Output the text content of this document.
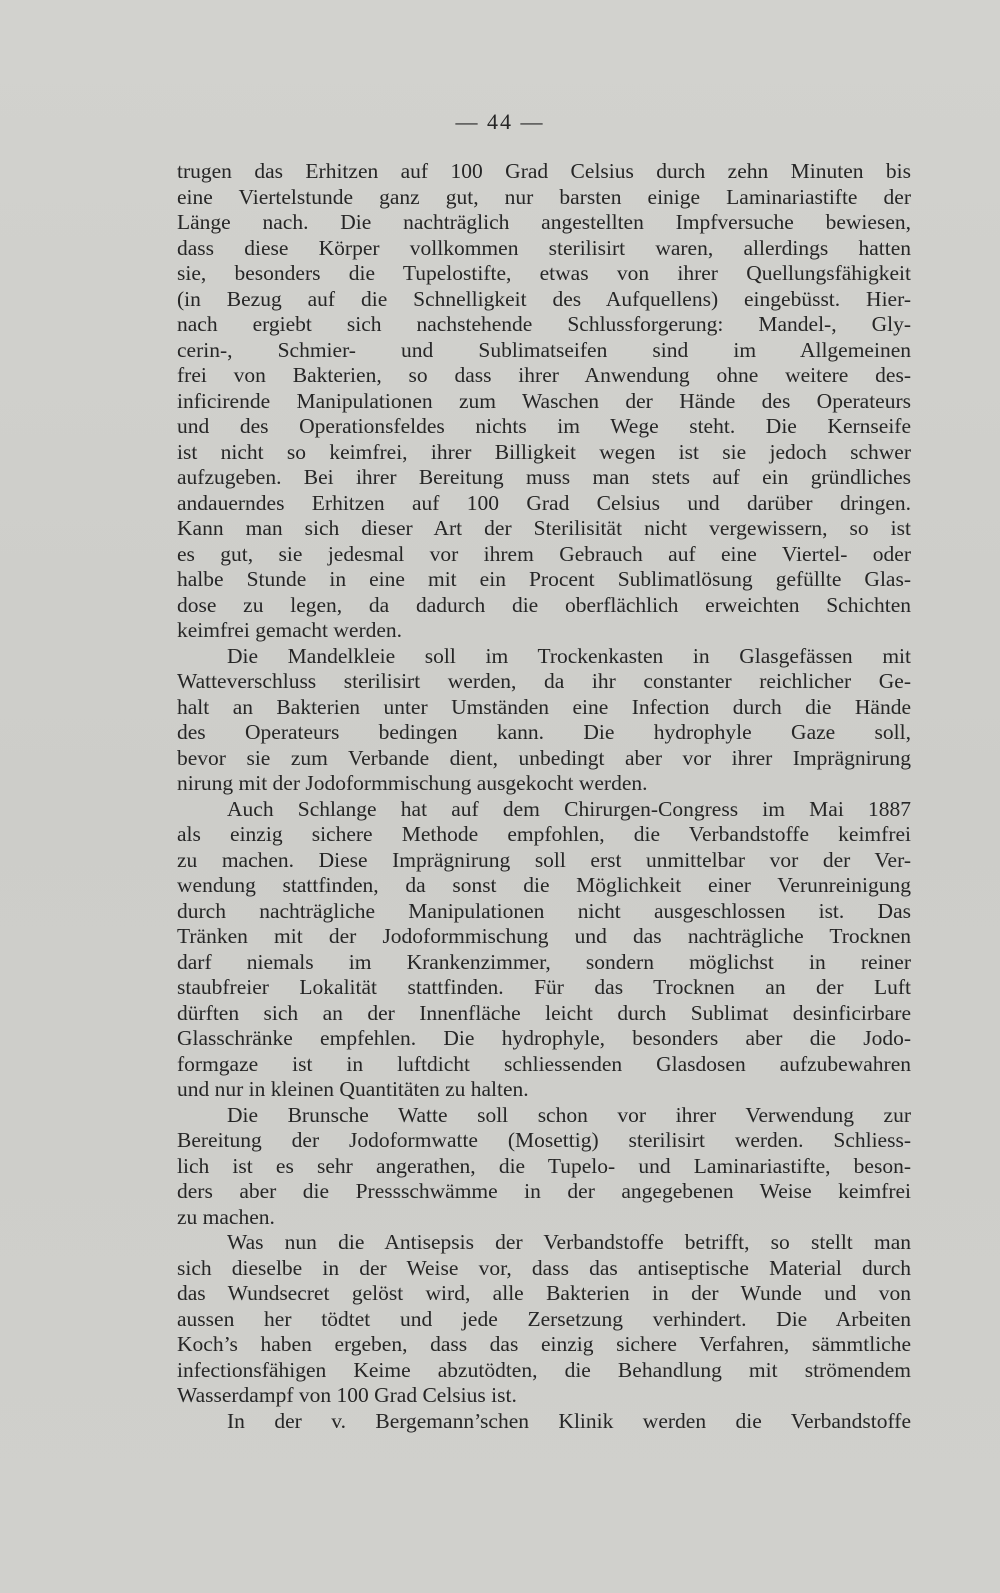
— 44 —
trugen das Erhitzen auf 100 Grad Celsius durch zehn Minuten bis
eine Viertelstunde ganz gut, nur barsten einige Laminariastifte der
Länge nach. Die nachträglich angestellten Impfversuche bewiesen,
dass diese Körper vollkommen sterilisirt waren, allerdings hatten
sie, besonders die Tupelostifte, etwas von ihrer Quellungsfähigkeit
(in Bezug auf die Schnelligkeit des Aufquellens) eingebüsst. Hier-
nach ergiebt sich nachstehende Schlussforgerung: Mandel-, Gly-
cerin-, Schmier- und Sublimatseifen sind im Allgemeinen
frei von Bakterien, so dass ihrer Anwendung ohne weitere des-
inficirende Manipulationen zum Waschen der Hände des Operateurs
und des Operationsfeldes nichts im Wege steht. Die Kernseife
ist nicht so keimfrei, ihrer Billigkeit wegen ist sie jedoch schwer
aufzugeben. Bei ihrer Bereitung muss man stets auf ein gründliches
andauerndes Erhitzen auf 100 Grad Celsius und darüber dringen.
Kann man sich dieser Art der Sterilisität nicht vergewissern, so ist
es gut, sie jedesmal vor ihrem Gebrauch auf eine Viertel- oder
halbe Stunde in eine mit ein Procent Sublimatlösung gefüllte Glas-
dose zu legen, da dadurch die oberflächlich erweichten Schichten
keimfrei gemacht werden.
Die Mandelkleie soll im Trockenkasten in Glasgefässen mit
Watteverschluss sterilisirt werden, da ihr constanter reichlicher Ge-
halt an Bakterien unter Umständen eine Infection durch die Hände
des Operateurs bedingen kann. Die hydrophyle Gaze soll,
bevor sie zum Verbande dient, unbedingt aber vor ihrer Imprägnirung
nirung mit der Jodoformmischung ausgekocht werden.
Auch Schlange hat auf dem Chirurgen-Congress im Mai 1887
als einzig sichere Methode empfohlen, die Verbandstoffe keimfrei
zu machen. Diese Imprägnirung soll erst unmittelbar vor der Ver-
wendung stattfinden, da sonst die Möglichkeit einer Verunreinigung
durch nachträgliche Manipulationen nicht ausgeschlossen ist. Das
Tränken mit der Jodoformmischung und das nachträgliche Trocknen
darf niemals im Krankenzimmer, sondern möglichst in reiner
staubfreier Lokalität stattfinden. Für das Trocknen an der Luft
dürften sich an der Innenfläche leicht durch Sublimat desinficirbare
Glasschränke empfehlen. Die hydrophyle, besonders aber die Jodo-
formgaze ist in luftdicht schliessenden Glasdosen aufzubewahren
und nur in kleinen Quantitäten zu halten.
Die Brunsche Watte soll schon vor ihrer Verwendung zur
Bereitung der Jodoformwatte (Mosettig) sterilisirt werden. Schliess-
lich ist es sehr angerathen, die Tupelo- und Laminariastifte, beson-
ders aber die Pressschwämme in der angegebenen Weise keimfrei
zu machen.
Was nun die Antisepsis der Verbandstoffe betrifft, so stellt man
sich dieselbe in der Weise vor, dass das antiseptische Material durch
das Wundsecret gelöst wird, alle Bakterien in der Wunde und von
aussen her tödtet und jede Zersetzung verhindert. Die Arbeiten
Koch’s haben ergeben, dass das einzig sichere Verfahren, sämmtliche
infectionsfähigen Keime abzutödten, die Behandlung mit strömendem
Wasserdampf von 100 Grad Celsius ist.
In der v. Bergemann’schen Klinik werden die Verbandstoffe
